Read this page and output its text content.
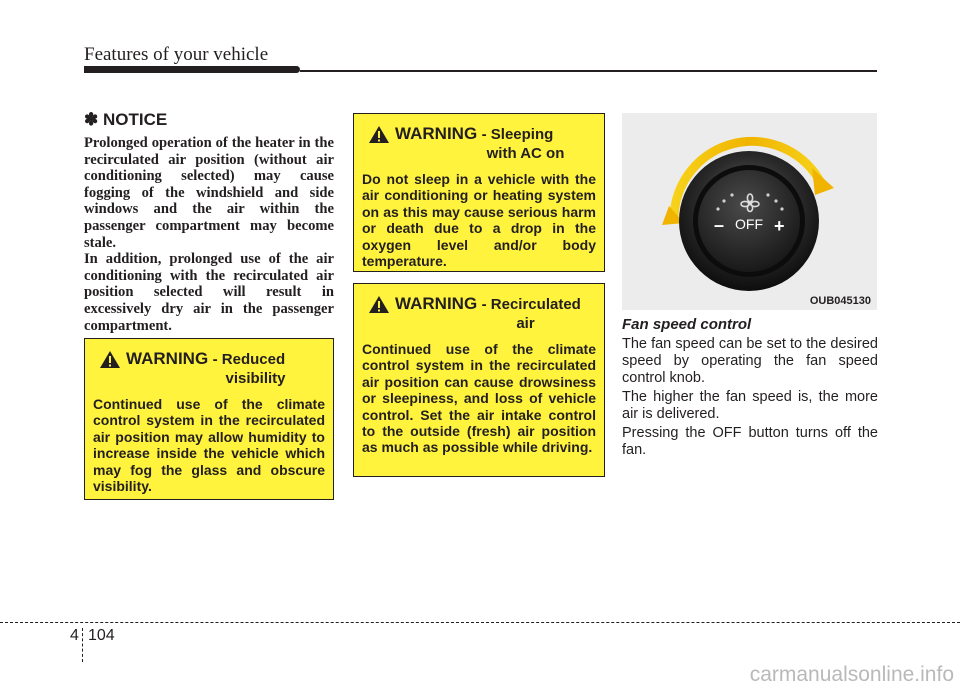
Features of your vehicle
✽ NOTICE

Prolonged operation of the heater in the recirculated air position (without air conditioning selected) may cause fogging of the windshield and side windows and the air within the passenger compartment may become stale.

In addition, prolonged use of the air conditioning with the recirculated air position selected will result in excessively dry air in the passenger compartment.

WARNING - Reduced
visibility

Continued use of the climate control system in the recirculated air position may allow humidity to increase inside the vehicle which may fog the glass and obscure visibility.

WARNING - Sleeping
with AC on

Do not sleep in a vehicle with the air conditioning or heating system on as this may cause serious harm or death due to a drop in the oxygen level and/or body temperature.

WARNING - Recirculated
air

Continued use of the climate control system in the recirculated air position can cause drowsiness or sleepiness, and loss of vehicle control. Set the air intake control to the outside (fresh) air position as much as possible while driving.

– OFF +
OUB045130
Fan speed control

The fan speed can be set to the desired speed by operating the fan speed control knob.

The higher the fan speed is, the more air is delivered.

Pressing the OFF button turns off the fan.

4 104
carmanualsonline.info
